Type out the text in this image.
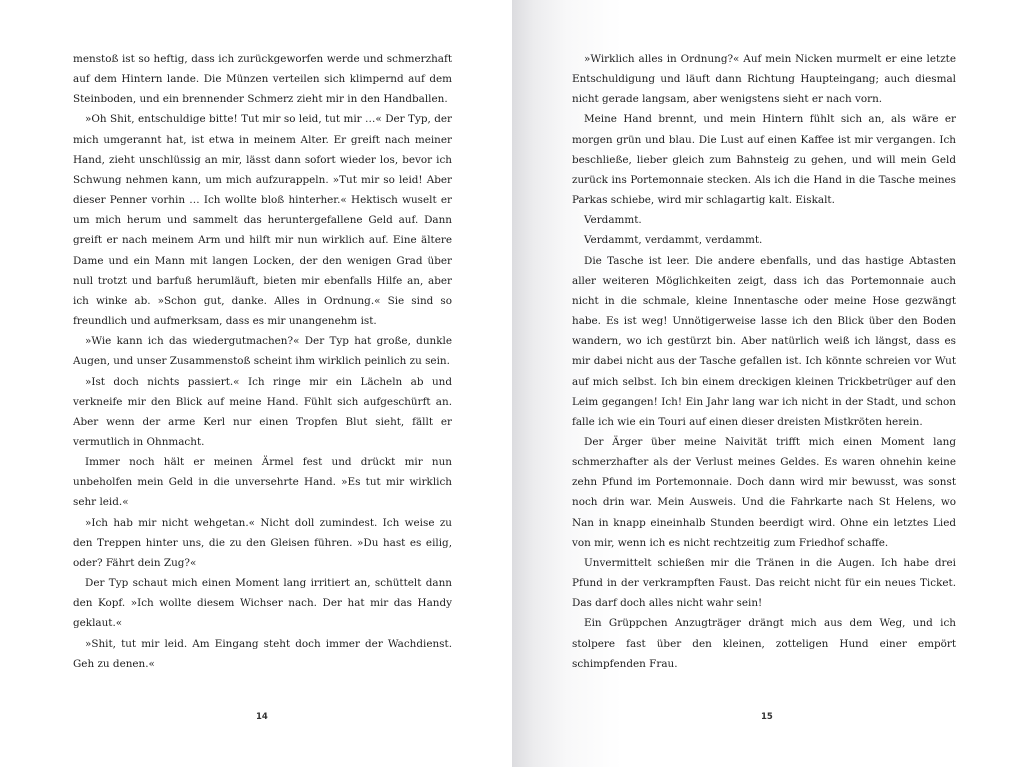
menstoß ist so heftig, dass ich zurückgeworfen werde und schmerzhaft auf dem Hintern lande. Die Münzen verteilen sich klimpernd auf dem Steinboden, und ein brennender Schmerz zieht mir in den Handballen.

»Oh Shit, entschuldige bitte! Tut mir so leid, tut mir …« Der Typ, der mich umgerannt hat, ist etwa in meinem Alter. Er greift nach meiner Hand, zieht unschlüssig an mir, lässt dann sofort wieder los, bevor ich Schwung nehmen kann, um mich aufzurappeln. »Tut mir so leid! Aber dieser Penner vorhin … Ich wollte bloß hinterher.« Hektisch wuselt er um mich herum und sammelt das heruntergefallene Geld auf. Dann greift er nach meinem Arm und hilft mir nun wirklich auf. Eine ältere Dame und ein Mann mit langen Locken, der den wenigen Grad über null trotzt und barfuß herumläuft, bieten mir ebenfalls Hilfe an, aber ich winke ab. »Schon gut, danke. Alles in Ordnung.« Sie sind so freundlich und aufmerksam, dass es mir unangenehm ist.

»Wie kann ich das wiedergutmachen?« Der Typ hat große, dunkle Augen, und unser Zusammenstoß scheint ihm wirklich peinlich zu sein.

»Ist doch nichts passiert.« Ich ringe mir ein Lächeln ab und verkneife mir den Blick auf meine Hand. Fühlt sich aufgeschürft an. Aber wenn der arme Kerl nur einen Tropfen Blut sieht, fällt er vermutlich in Ohnmacht.

Immer noch hält er meinen Ärmel fest und drückt mir nun unbeholfen mein Geld in die unversehrte Hand. »Es tut mir wirklich sehr leid.«

»Ich hab mir nicht wehgetan.« Nicht doll zumindest. Ich weise zu den Treppen hinter uns, die zu den Gleisen führen. »Du hast es eilig, oder? Fährt dein Zug?«

Der Typ schaut mich einen Moment lang irritiert an, schüttelt dann den Kopf. »Ich wollte diesem Wichser nach. Der hat mir das Handy geklaut.«

»Shit, tut mir leid. Am Eingang steht doch immer der Wachdienst. Geh zu denen.«

14

»Wirklich alles in Ordnung?« Auf mein Nicken murmelt er eine letzte Entschuldigung und läuft dann Richtung Haupteingang; auch diesmal nicht gerade langsam, aber wenigstens sieht er nach vorn.

Meine Hand brennt, und mein Hintern fühlt sich an, als wäre er morgen grün und blau. Die Lust auf einen Kaffee ist mir vergangen. Ich beschließe, lieber gleich zum Bahnsteig zu gehen, und will mein Geld zurück ins Portemonnaie stecken. Als ich die Hand in die Tasche meines Parkas schiebe, wird mir schlagartig kalt. Eiskalt.

Verdammt.

Verdammt, verdammt, verdammt.

Die Tasche ist leer. Die andere ebenfalls, und das hastige Abtasten aller weiteren Möglichkeiten zeigt, dass ich das Portemonnaie auch nicht in die schmale, kleine Innentasche oder meine Hose gezwängt habe. Es ist weg! Unnötigerweise lasse ich den Blick über den Boden wandern, wo ich gestürzt bin. Aber natürlich weiß ich längst, dass es mir dabei nicht aus der Tasche gefallen ist. Ich könnte schreien vor Wut auf mich selbst. Ich bin einem dreckigen kleinen Trickbetrüger auf den Leim gegangen! Ich! Ein Jahr lang war ich nicht in der Stadt, und schon falle ich wie ein Touri auf einen dieser dreisten Mistkröten herein.

Der Ärger über meine Naivität trifft mich einen Moment lang schmerzhafter als der Verlust meines Geldes. Es waren ohnehin keine zehn Pfund im Portemonnaie. Doch dann wird mir bewusst, was sonst noch drin war. Mein Ausweis. Und die Fahrkarte nach St Helens, wo Nan in knapp eineinhalb Stunden beerdigt wird. Ohne ein letztes Lied von mir, wenn ich es nicht rechtzeitig zum Friedhof schaffe.

Unvermittelt schießen mir die Tränen in die Augen. Ich habe drei Pfund in der verkrampften Faust. Das reicht nicht für ein neues Ticket. Das darf doch alles nicht wahr sein!

Ein Grüppchen Anzugträger drängt mich aus dem Weg, und ich stolpere fast über den kleinen, zotteligen Hund einer empört schimpfenden Frau.

15
